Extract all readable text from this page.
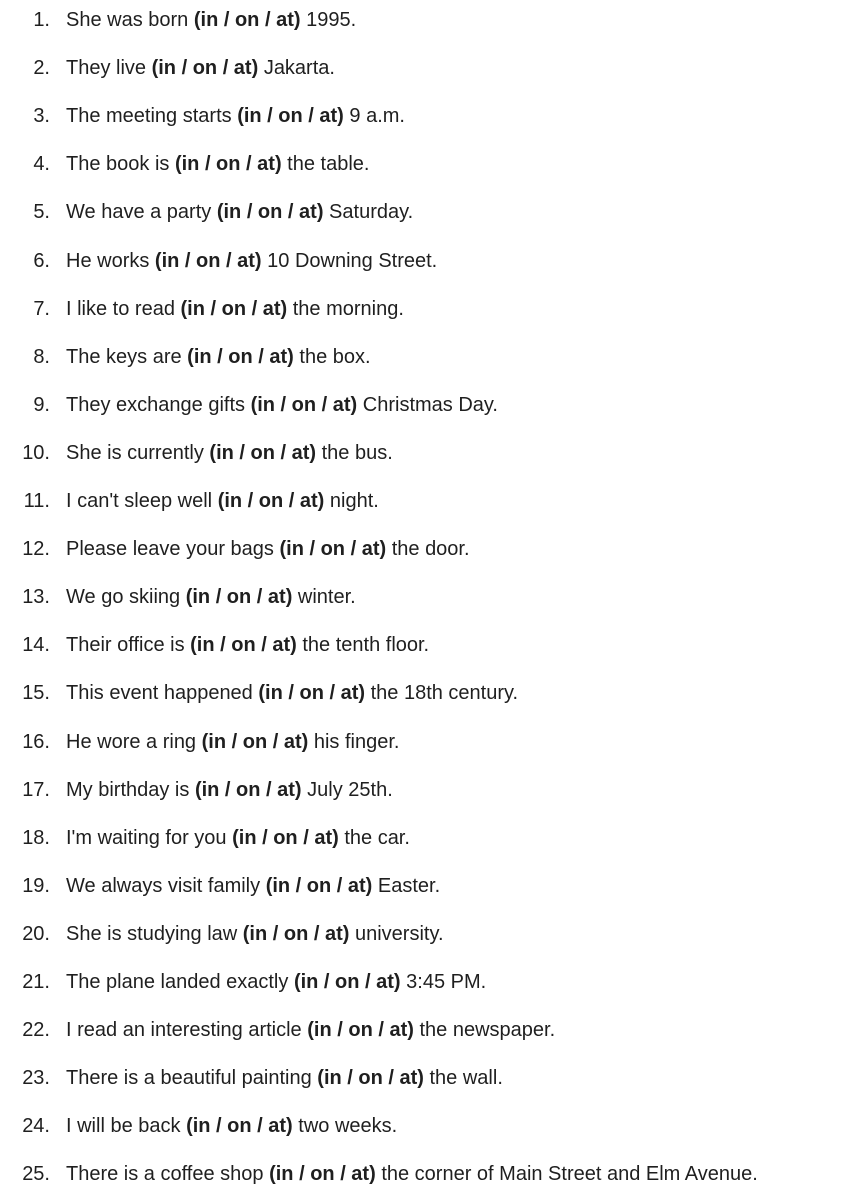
1. She was born (in / on / at) 1995.
2. They live (in / on / at) Jakarta.
3. The meeting starts (in / on / at) 9 a.m.
4. The book is (in / on / at) the table.
5. We have a party (in / on / at) Saturday.
6. He works (in / on / at) 10 Downing Street.
7. I like to read (in / on / at) the morning.
8. The keys are (in / on / at) the box.
9. They exchange gifts (in / on / at) Christmas Day.
10. She is currently (in / on / at) the bus.
11. I can't sleep well (in / on / at) night.
12. Please leave your bags (in / on / at) the door.
13. We go skiing (in / on / at) winter.
14. Their office is (in / on / at) the tenth floor.
15. This event happened (in / on / at) the 18th century.
16. He wore a ring (in / on / at) his finger.
17. My birthday is (in / on / at) July 25th.
18. I'm waiting for you (in / on / at) the car.
19. We always visit family (in / on / at) Easter.
20. She is studying law (in / on / at) university.
21. The plane landed exactly (in / on / at) 3:45 PM.
22. I read an interesting article (in / on / at) the newspaper.
23. There is a beautiful painting (in / on / at) the wall.
24. I will be back (in / on / at) two weeks.
25. There is a coffee shop (in / on / at) the corner of Main Street and Elm Avenue.
